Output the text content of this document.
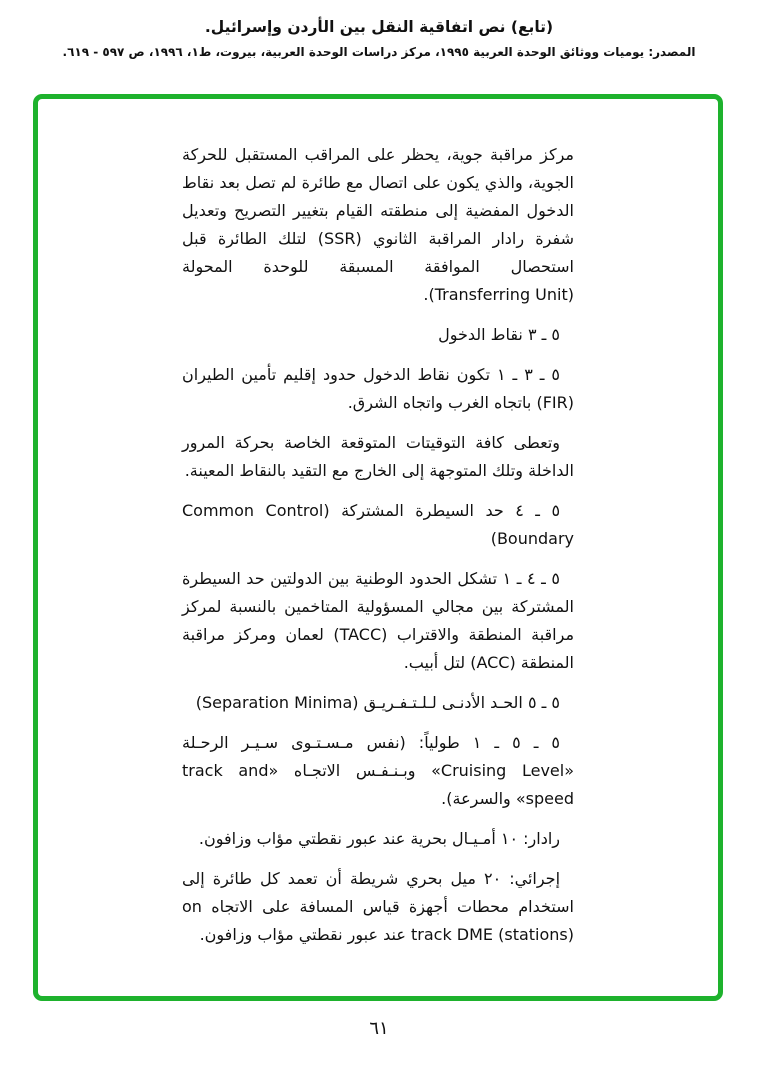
(تابع) نص اتفاقية النقل بين الأردن وإسرائيل.

المصدر: يوميات ووثائق الوحدة العربية ١٩٩٥، مركز دراسات الوحدة العربية، بيروت، ط١، ١٩٩٦، ص ٥٩٧ - ٦١٩.

مركز مراقبة جوية، يحظر على المراقب المستقبل للحركة الجوية، والذي يكون على اتصال مع طائرة لم تصل بعد نقاط الدخول المفضية إلى منطقته القيام بتغيير التصريح وتعديل شفرة رادار المراقبة الثانوي (SSR) لتلك الطائرة قبل استحصال الموافقة المسبقة للوحدة المحولة (Transferring Unit).

٥ ـ ٣ نقاط الدخول

٥ ـ ٣ ـ ١ تكون نقاط الدخول حدود إقليم تأمين الطيران (FIR) باتجاه الغرب واتجاه الشرق.

وتعطى كافة التوقيتات المتوقعة الخاصة بحركة المرور الداخلة وتلك المتوجهة إلى الخارج مع التقيد بالنقاط المعينة.

٥ ـ ٤ حد السيطرة المشتركة (Common Control Boundary)

٥ ـ ٤ ـ ١ تشكل الحدود الوطنية بين الدولتين حد السيطرة المشتركة بين مجالي المسؤولية المتاخمين بالنسبة لمركز مراقبة المنطقة والاقتراب (TACC) لعمان ومركز مراقبة المنطقة (ACC) لتل أبيب.

٥ ـ ٥ الحـد الأدنـى لـلـتـفـريـق (Separation Minima)

٥ ـ ٥ ـ ١ طولياً: (نفس مـسـتـوى سـيـر الرحـلة «Cruising Level» وبـنـفـس الاتجـاه «track and speed» والسرعة).

رادار: ١٠ أمـيـال بحرية عند عبور نقطتي مؤاب وزافون.

إجرائي: ٢٠ ميل بحري شريطة أن تعمد كل طائرة إلى استخدام محطات أجهزة قياس المسافة على الاتجاه on track DME (stations) عند عبور نقطتي مؤاب وزافون.

٦١
